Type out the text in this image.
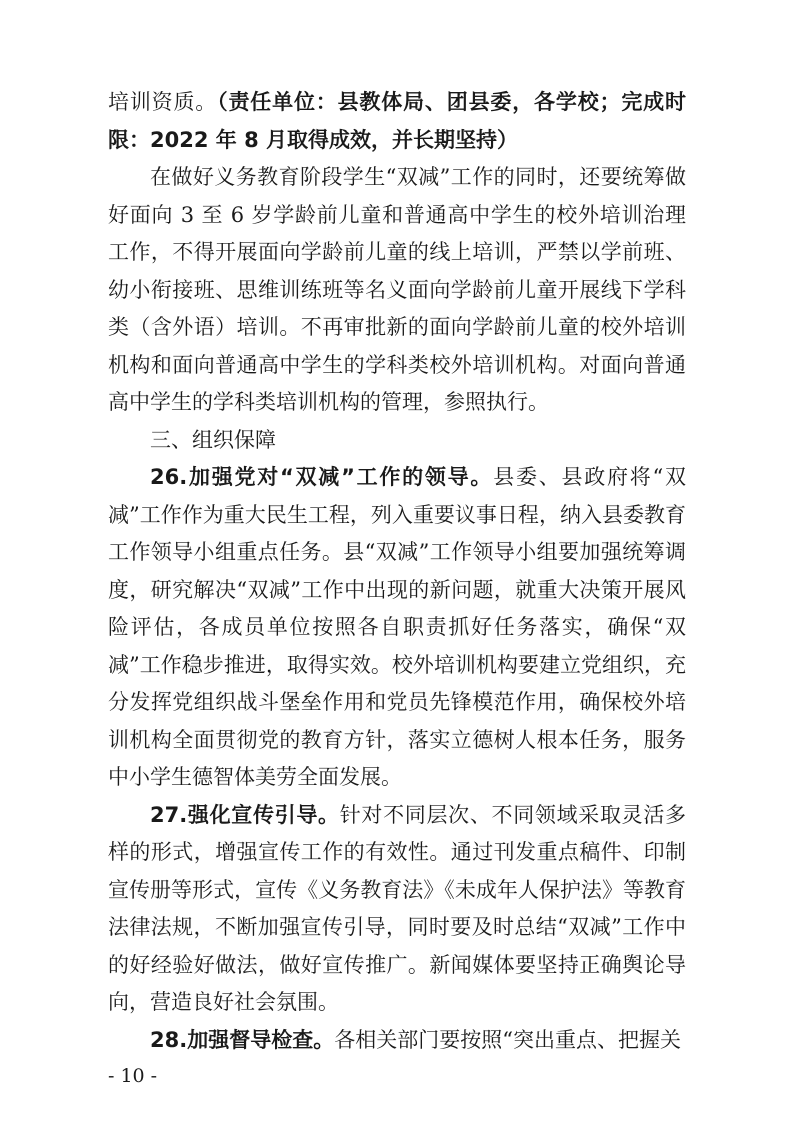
培训资质。（责任单位：县教体局、团县委，各学校；完成时限：2022 年 8 月取得成效，并长期坚持）

在做好义务教育阶段学生“双减”工作的同时，还要统筹做好面向 3 至 6 岁学龄前儿童和普通高中学生的校外培训治理工作，不得开展面向学龄前儿童的线上培训，严禁以学前班、幼小衔接班、思维训练班等名义面向学龄前儿童开展线下学科类（含外语）培训。不再审批新的面向学龄前儿童的校外培训机构和面向普通高中学生的学科类校外培训机构。对面向普通高中学生的学科类培训机构的管理，参照执行。

三、组织保障

26.加强党对“双减”工作的领导。县委、县政府将“双减”工作作为重大民生工程，列入重要议事日程，纳入县委教育工作领导小组重点任务。县“双减”工作领导小组要加强统筹调度，研究解决“双减”工作中出现的新问题，就重大决策开展风险评估，各成员单位按照各自职责抓好任务落实，确保“双减”工作稳步推进，取得实效。校外培训机构要建立党组织，充分发挥党组织战斗堡垒作用和党员先锋模范作用，确保校外培训机构全面贯彻党的教育方针，落实立德树人根本任务，服务中小学生德智体美劳全面发展。

27.强化宣传引导。针对不同层次、不同领域采取灵活多样的形式，增强宣传工作的有效性。通过刊发重点稿件、印制宣传册等形式，宣传《义务教育法》《未成年人保护法》等教育法律法规，不断加强宣传引导，同时要及时总结“双减”工作中的好经验好做法，做好宣传推广。新闻媒体要坚持正确舆论导向，营造良好社会氛围。

28.加强督导检查。各相关部门要按照“突出重点、把握关

- 10 -
